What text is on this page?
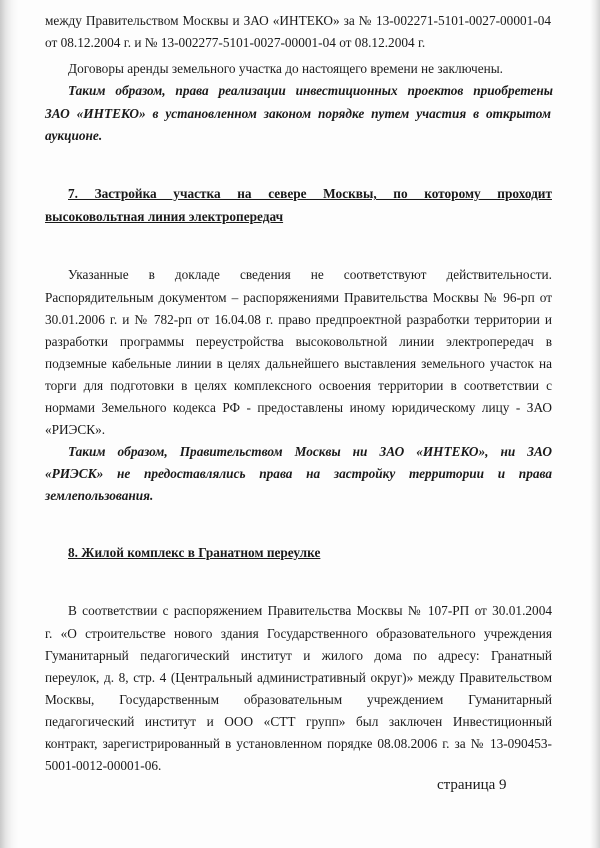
между Правительством Москвы и ЗАО «ИНТЕКО» за № 13-002271-5101-0027-00001-04
от 08.12.2004 г. и № 13-002277-5101-0027-00001-04 от 08.12.2004 г.
Договоры аренды земельного участка до настоящего времени не заключены.
Таким образом, права реализации инвестиционных проектов приобретены
ЗАО «ИНТЕКО» в установленном законом порядке путем участия в открытом
аукционе.
7. Застройка участка на севере Москвы, по которому проходит
высоковольтная линия электропередач
Указанные в докладе сведения не соответствуют действительности.
Распорядительным документом – распоряжениями Правительства Москвы № 96-рп от
30.01.2006 г. и № 782-рп от 16.04.08 г. право предпроектной разработки территории и
разработки программы переустройства высоковольтной линии электропередач в
подземные кабельные линии в целях дальнейшего выставления земельного участок на
торги для подготовки в целях комплексного освоения территории в соответствии с
нормами Земельного кодекса РФ - предоставлены иному юридическому лицу - ЗАО
«РИЭСК».
Таким образом, Правительством Москвы ни ЗАО «ИНТЕКО», ни ЗАО
«РИЭСК» не предоставлялись права на застройку территории и права
землепользования.
8. Жилой комплекс в Гранатном переулке
В соответствии с распоряжением Правительства Москвы № 107-РП от 30.01.2004
г. «О строительстве нового здания Государственного образовательного учреждения
Гуманитарный педагогический институт и жилого дома по адресу: Гранатный
переулок, д. 8, стр. 4 (Центральный административный округ)» между Правительством
Москвы, Государственным образовательным учреждением Гуманитарный
педагогический институт и ООО «СТТ групп» был заключен Инвестиционный
контракт, зарегистрированный в установленном порядке 08.08.2006 г. за № 13-090453-
5001-0012-00001-06.
страница 9
